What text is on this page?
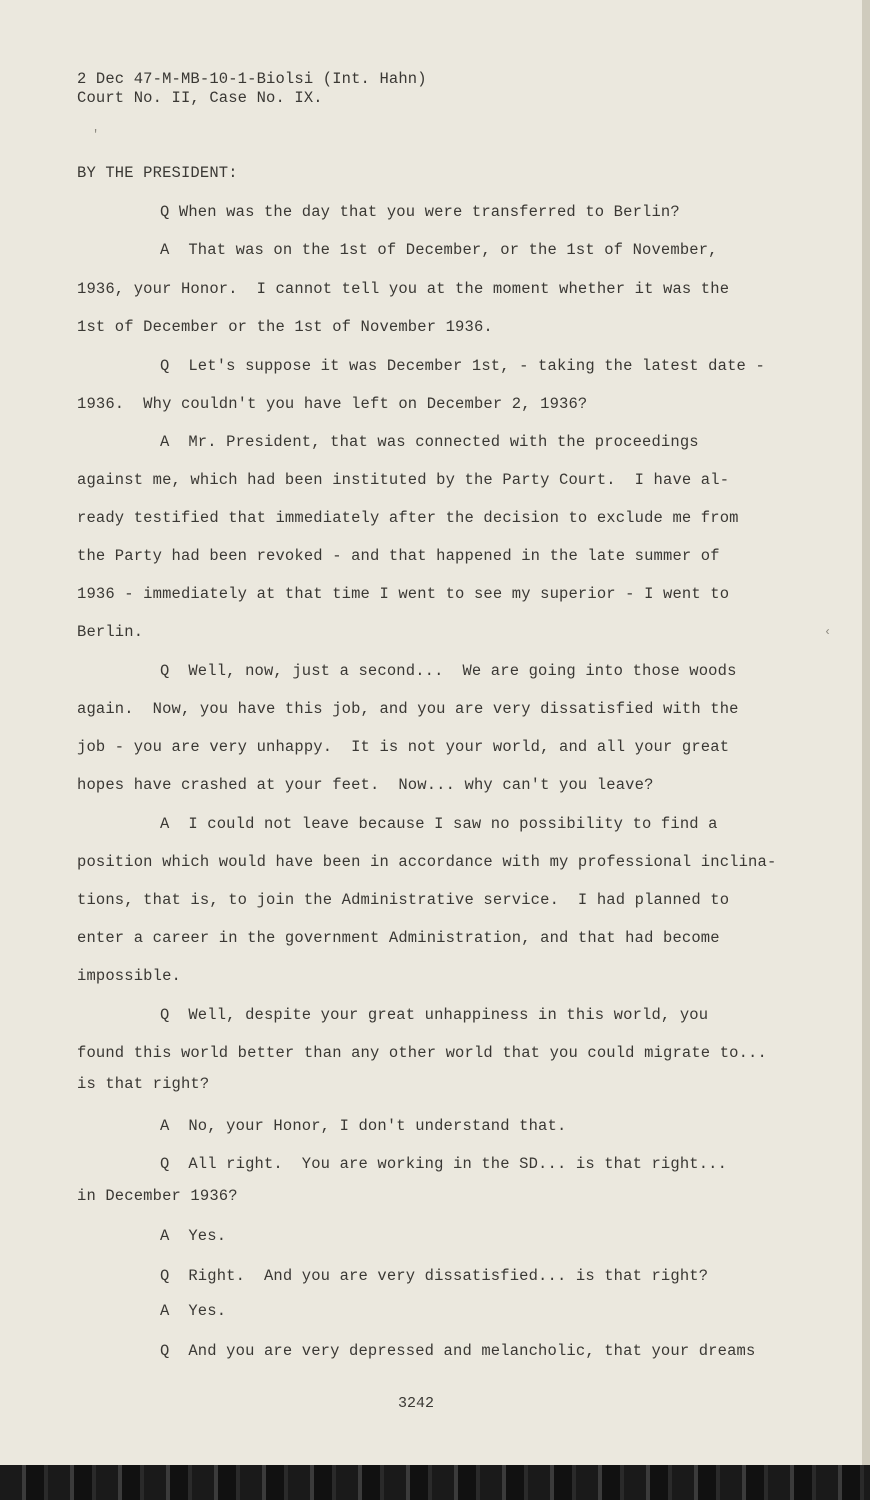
2 Dec 47-M-MB-10-1-Biolsi (Int. Hahn)
Court No. II, Case No. IX.
BY THE PRESIDENT:
Q When was the day that you were transferred to Berlin?
A  That was on the 1st of December, or the 1st of November,
1936, your Honor.  I cannot tell you at the moment whether it was the
1st of December or the 1st of November 1936.
Q  Let's suppose it was December 1st, - taking the latest date -
1936.  Why couldn't you have left on December 2, 1936?
A  Mr. President, that was connected with the proceedings
against me, which had been instituted by the Party Court.  I have al-
ready testified that immediately after the decision to exclude me from
the Party had been revoked - and that happened in the late summer of
1936 - immediately at that time I went to see my superior - I went to
Berlin.
Q  Well, now, just a second...  We are going into those woods
again.  Now, you have this job, and you are very dissatisfied with the
job - you are very unhappy.  It is not your world, and all your great
hopes have crashed at your feet.  Now... why can't you leave?
A  I could not leave because I saw no possibility to find a
position which would have been in accordance with my professional inclina-
tions, that is, to join the Administrative service.  I had planned to
enter a career in the government Administration, and that had become
impossible.
Q  Well, despite your great unhappiness in this world, you
found this world better than any other world that you could migrate to...
is that right?
A  No, your Honor, I don't understand that.
Q  All right.  You are working in the SD... is that right...
in December 1936?
A  Yes.
Q  Right.  And you are very dissatisfied... is that right?
A  Yes.
Q  And you are very depressed and melancholic, that your dreams
3242
'
‹
